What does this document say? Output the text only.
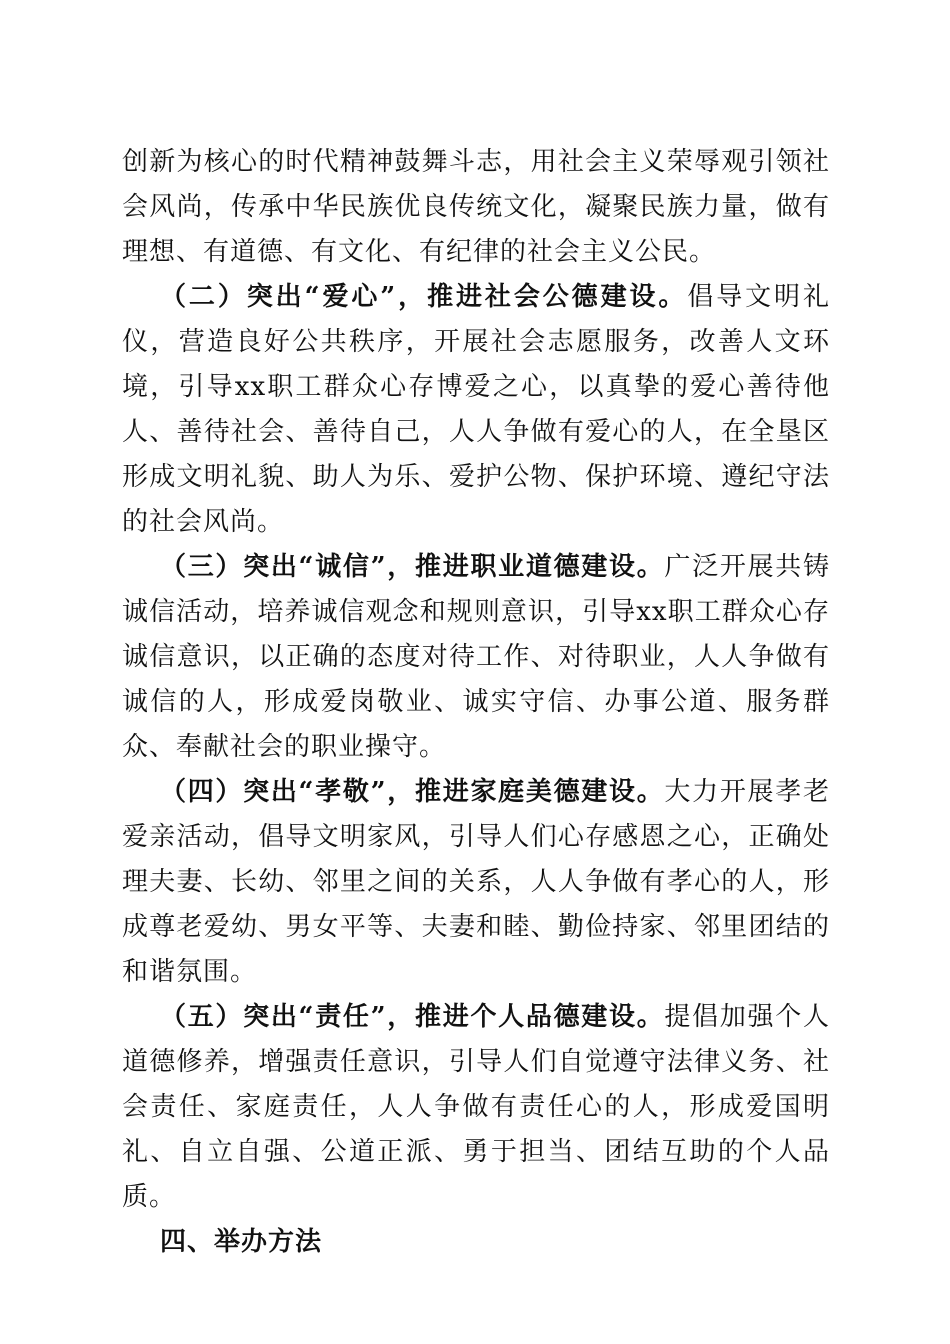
创新为核心的时代精神鼓舞斗志，用社会主义荣辱观引领社会风尚，传承中华民族优良传统文化，凝聚民族力量，做有理想、有道德、有文化、有纪律的社会主义公民。

（二）突出“爱心”，推进社会公德建设。倡导文明礼仪，营造良好公共秩序，开展社会志愿服务，改善人文环境，引导xx职工群众心存博爱之心，以真挚的爱心善待他人、善待社会、善待自己，人人争做有爱心的人，在全垦区形成文明礼貌、助人为乐、爱护公物、保护环境、遵纪守法的社会风尚。

（三）突出“诚信”，推进职业道德建设。广泛开展共铸诚信活动，培养诚信观念和规则意识，引导xx职工群众心存诚信意识，以正确的态度对待工作、对待职业，人人争做有诚信的人，形成爱岗敬业、诚实守信、办事公道、服务群众、奉献社会的职业操守。

（四）突出“孝敬”，推进家庭美德建设。大力开展孝老爱亲活动，倡导文明家风，引导人们心存感恩之心，正确处理夫妻、长幼、邻里之间的关系，人人争做有孝心的人，形成尊老爱幼、男女平等、夫妻和睦、勤俭持家、邻里团结的和谐氛围。

（五）突出“责任”，推进个人品德建设。提倡加强个人道德修养，增强责任意识，引导人们自觉遵守法律义务、社会责任、家庭责任，人人争做有责任心的人，形成爱国明礼、自立自强、公道正派、勇于担当、团结互助的个人品质。

四、举办方法
